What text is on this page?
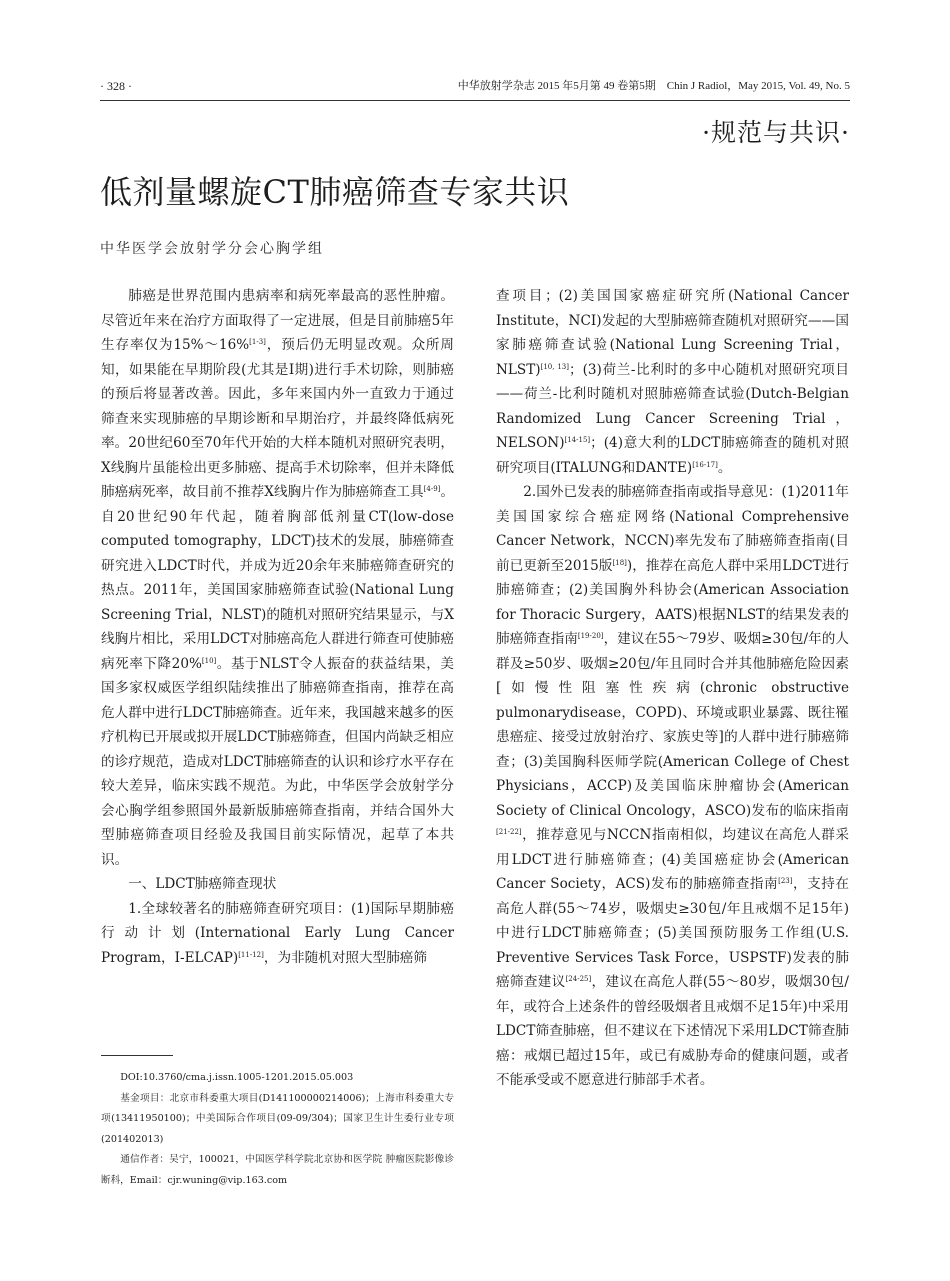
· 328 ·	中华放射学杂志 2015 年5月第 49 卷第5期　Chin J Radiol，May 2015, Vol. 49, No. 5
·规范与共识·
低剂量螺旋CT肺癌筛查专家共识
中华医学会放射学分会心胸学组

肺癌是世界范围内患病率和病死率最高的恶性肿瘤。尽管近年来在治疗方面取得了一定进展，但是目前肺癌5年生存率仅为15%～16%[1-3]，预后仍无明显改观。众所周知，如果能在早期阶段(尤其是Ⅰ期)进行手术切除，则肺癌的预后将显著改善。因此，多年来国内外一直致力于通过筛查来实现肺癌的早期诊断和早期治疗，并最终降低病死率。20世纪60至70年代开始的大样本随机对照研究表明，X线胸片虽能检出更多肺癌、提高手术切除率，但并未降低肺癌病死率，故目前不推荐X线胸片作为肺癌筛查工具[4-9]。自20世纪90年代起，随着胸部低剂量CT(low-dose computed tomography，LDCT)技术的发展，肺癌筛查研究进入LDCT时代，并成为近20余年来肺癌筛查研究的热点。2011年，美国国家肺癌筛查试验(National Lung Screening Trial，NLST)的随机对照研究结果显示，与X线胸片相比，采用LDCT对肺癌高危人群进行筛查可使肺癌病死率下降20%[10]。基于NLST令人振奋的获益结果，美国多家权威医学组织陆续推出了肺癌筛查指南，推荐在高危人群中进行LDCT肺癌筛查。近年来，我国越来越多的医疗机构已开展或拟开展LDCT肺癌筛查，但国内尚缺乏相应的诊疗规范，造成对LDCT肺癌筛查的认识和诊疗水平存在较大差异，临床实践不规范。为此，中华医学会放射学分会心胸学组参照国外最新版肺癌筛查指南，并结合国外大型肺癌筛查项目经验及我国目前实际情况，起草了本共识。

一、LDCT肺癌筛查现状

1.全球较著名的肺癌筛查研究项目：(1)国际早期肺癌行动计划(International Early Lung Cancer Program，I-ELCAP)[11-12]，为非随机对照大型肺癌筛

DOI:10.3760/cma.j.issn.1005-1201.2015.05.003

基金项目：北京市科委重大项目(D141100000214006)；上海市科委重大专项(13411950100)；中美国际合作项目(09-09/304)；国家卫生计生委行业专项(201402013)

通信作者：吴宁，100021，中国医学科学院北京协和医学院 肿瘤医院影像诊断科，Email：cjr.wuning@vip.163.com

查项目；(2)美国国家癌症研究所(National Cancer Institute，NCI)发起的大型肺癌筛查随机对照研究——国家肺癌筛查试验(National Lung Screening Trial，NLST)[10, 13]；(3)荷兰-比利时的多中心随机对照研究项目——荷兰-比利时随机对照肺癌筛查试验(Dutch-Belgian Randomized Lung Cancer Screening Trial，NELSON)[14-15]；(4)意大利的LDCT肺癌筛查的随机对照研究项目(ITALUNG和DANTE)[16-17]。

2.国外已发表的肺癌筛查指南或指导意见：(1)2011年美国国家综合癌症网络(National Comprehensive Cancer Network，NCCN)率先发布了肺癌筛查指南(目前已更新至2015版[18])，推荐在高危人群中采用LDCT进行肺癌筛查；(2)美国胸外科协会(American Association for Thoracic Surgery，AATS)根据NLST的结果发表的肺癌筛查指南[19-20]，建议在55～79岁、吸烟≥30包/年的人群及≥50岁、吸烟≥20包/年且同时合并其他肺癌危险因素[如慢性阻塞性疾病(chronic obstructive pulmonarydisease，COPD)、环境或职业暴露、既往罹患癌症、接受过放射治疗、家族史等]的人群中进行肺癌筛查；(3)美国胸科医师学院(American College of Chest Physicians，ACCP)及美国临床肿瘤协会(American Society of Clinical Oncology，ASCO)发布的临床指南[21-22]，推荐意见与NCCN指南相似，均建议在高危人群采用LDCT进行肺癌筛查；(4)美国癌症协会(American Cancer Society，ACS)发布的肺癌筛查指南[23]，支持在高危人群(55～74岁，吸烟史≥30包/年且戒烟不足15年)中进行LDCT肺癌筛查；(5)美国预防服务工作组(U.S. Preventive Services Task Force，USPSTF)发表的肺癌筛查建议[24-25]，建议在高危人群(55～80岁，吸烟30包/年，或符合上述条件的曾经吸烟者且戒烟不足15年)中采用LDCT筛查肺癌，但不建议在下述情况下采用LDCT筛查肺癌：戒烟已超过15年，或已有威胁寿命的健康问题，或者不能承受或不愿意进行肺部手术者。
